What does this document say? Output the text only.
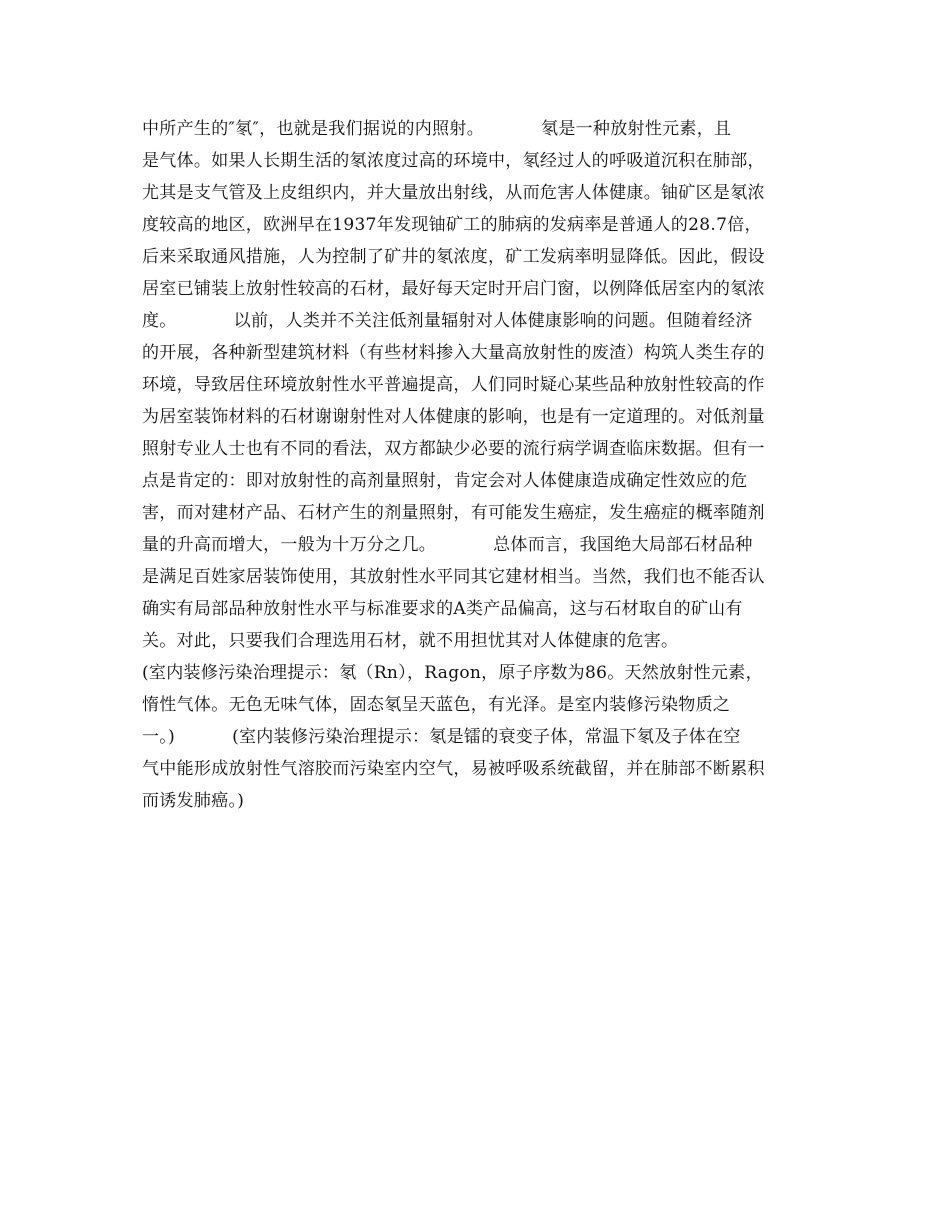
中所产生的″氡″，也就是我们据说的内照射。          氡是一种放射性元素，且
是气体。如果人长期生活的氡浓度过高的环境中，氡经过人的呼吸道沉积在肺部，
尤其是支气管及上皮组织内，并大量放出射线，从而危害人体健康。铀矿区是氡浓
度较高的地区，欧洲早在1937年发现铀矿工的肺病的发病率是普通人的28.7倍，
后来采取通风措施，人为控制了矿井的氡浓度，矿工发病率明显降低。因此，假设
居室已铺装上放射性较高的石材，最好每天定时开启门窗，以例降低居室内的氡浓
度。          以前，人类并不关注低剂量辐射对人体健康影响的问题。但随着经济
的开展，各种新型建筑材料（有些材料掺入大量高放射性的废渣）构筑人类生存的
环境，导致居住环境放射性水平普遍提高，人们同时疑心某些品种放射性较高的作
为居室装饰材料的石材谢谢射性对人体健康的影响，也是有一定道理的。对低剂量
照射专业人士也有不同的看法，双方都缺少必要的流行病学调查临床数据。但有一
点是肯定的：即对放射性的高剂量照射，肯定会对人体健康造成确定性效应的危
害，而对建材产品、石材产生的剂量照射，有可能发生癌症，发生癌症的概率随剂
量的升高而增大，一般为十万分之几。          总体而言，我国绝大局部石材品种
是满足百姓家居装饰使用，其放射性水平同其它建材相当。当然，我们也不能否认
确实有局部品种放射性水平与标准要求的A类产品偏高，这与石材取自的矿山有
关。对此，只要我们合理选用石材，就不用担忧其对人体健康的危害。
(室内装修污染治理提示：氡（Rn），Ragon，原子序数为86。天然放射性元素，
惰性气体。无色无味气体，固态氡呈天蓝色，有光泽。是室内装修污染物质之
一。)          (室内装修污染治理提示：氡是镭的衰变子体，常温下氡及子体在空
气中能形成放射性气溶胶而污染室内空气，易被呼吸系统截留，并在肺部不断累积
而诱发肺癌。)
